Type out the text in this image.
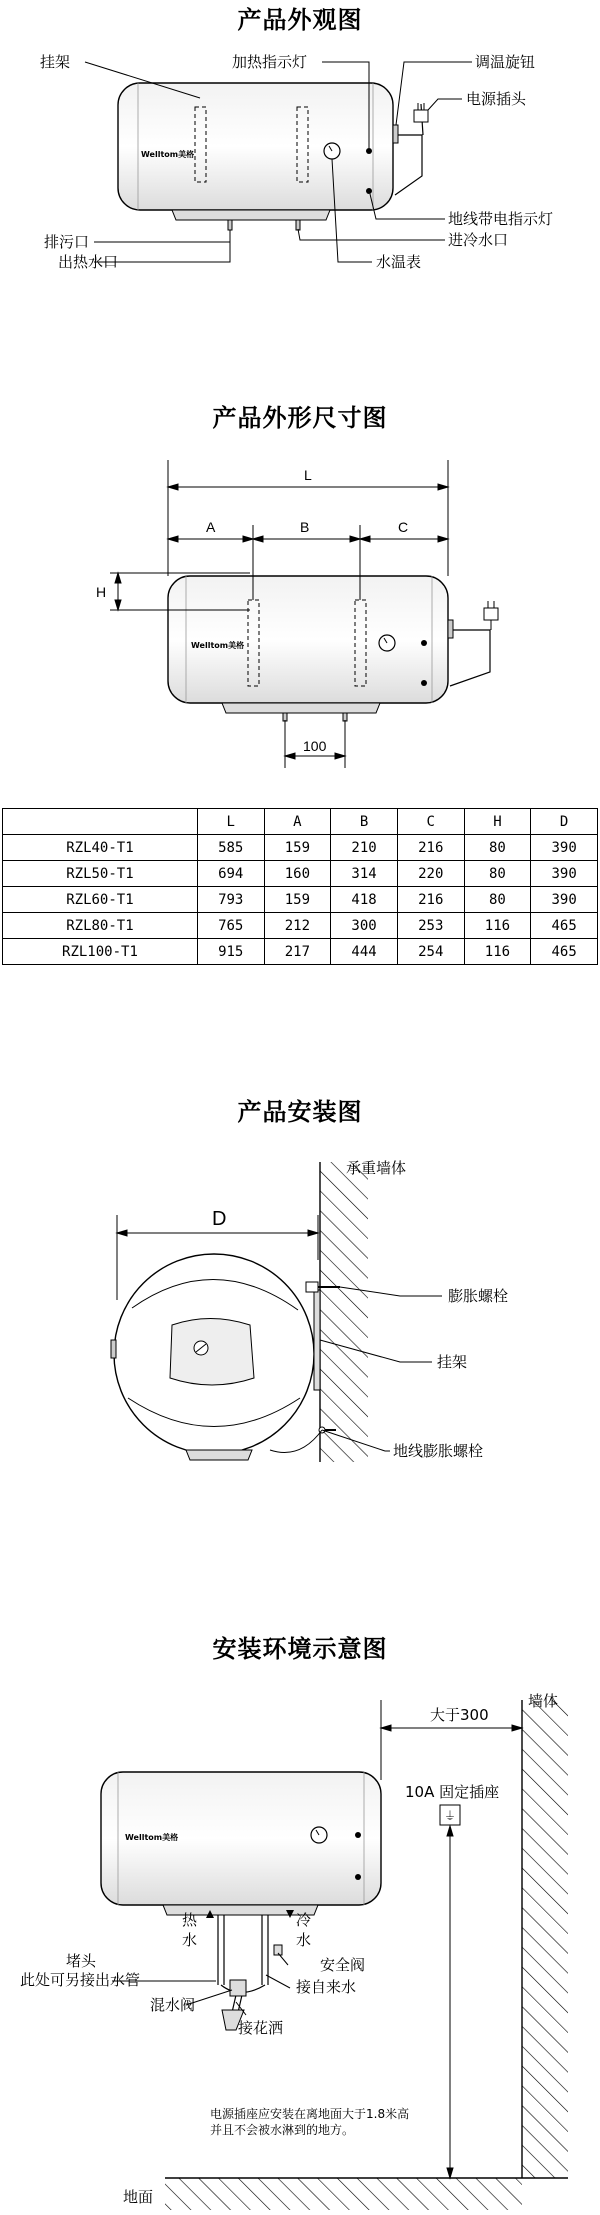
产品外观图
Welltom美格
挂架	加热指示灯	调温旋钮
电源插头
地线带电指示灯
进冷水口
排污口
出热水口	水温表
产品外形尺寸图
Welltom美格
L
A	B	C
H
100
	L	A	B	C	H	D
RZL40-T1	585	159	210	216	80	390
RZL50-T1	694	160	314	220	80	390
RZL60-T1	793	159	418	216	80	390
RZL80-T1	765	212	300	253	116	465
RZL100-T1	915	217	444	254	116	465
产品安装图
D
承重墙体
膨胀螺栓
挂架
地线膨胀螺栓
安装环境示意图
大于300
墙体
Welltom美格
⏚
10A 固定插座
热
水
冷
水
堵头
此处可另接出水管
安全阀
混水阀
接自来水
接花洒
电源插座应安装在离地面大于1.8米高
并且不会被水淋到的地方。
地面
